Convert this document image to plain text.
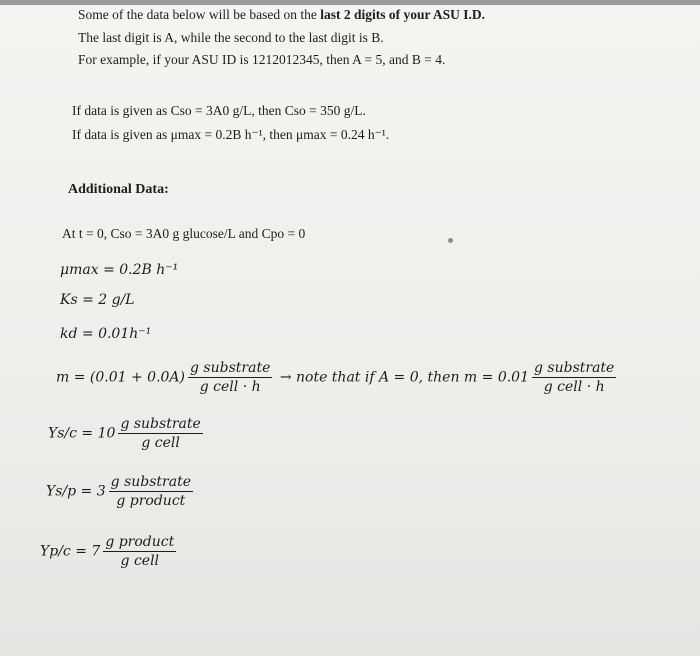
Some of the data below will be based on the last 2 digits of your ASU I.D.
The last digit is A, while the second to the last digit is B.
For example, if your ASU ID is 1212012345, then A = 5, and B = 4.
If data is given as Cso = 3A0 g/L, then Cso = 350 g/L.
If data is given as μmax = 0.2B h⁻¹, then μmax = 0.24 h⁻¹.
Additional Data:
At t = 0, Cso = 3A0 g glucose/L and Cpo = 0
μmax = 0.2B h⁻¹
Ks = 2 g/L
kd = 0.01h⁻¹
$m = (0.01 + 0.0A) \frac{\text{g substrate}}{\text{g cell · h}}$ → note that if A = 0, then $m = 0.01 \frac{\text{g substrate}}{\text{g cell · h}}$
$Ys/c = 10 \frac{\text{g substrate}}{\text{g cell}}$
$Ys/p = 3 \frac{\text{g substrate}}{\text{g product}}$
$Yp/c = 7 \frac{\text{g product}}{\text{g cell}}$
